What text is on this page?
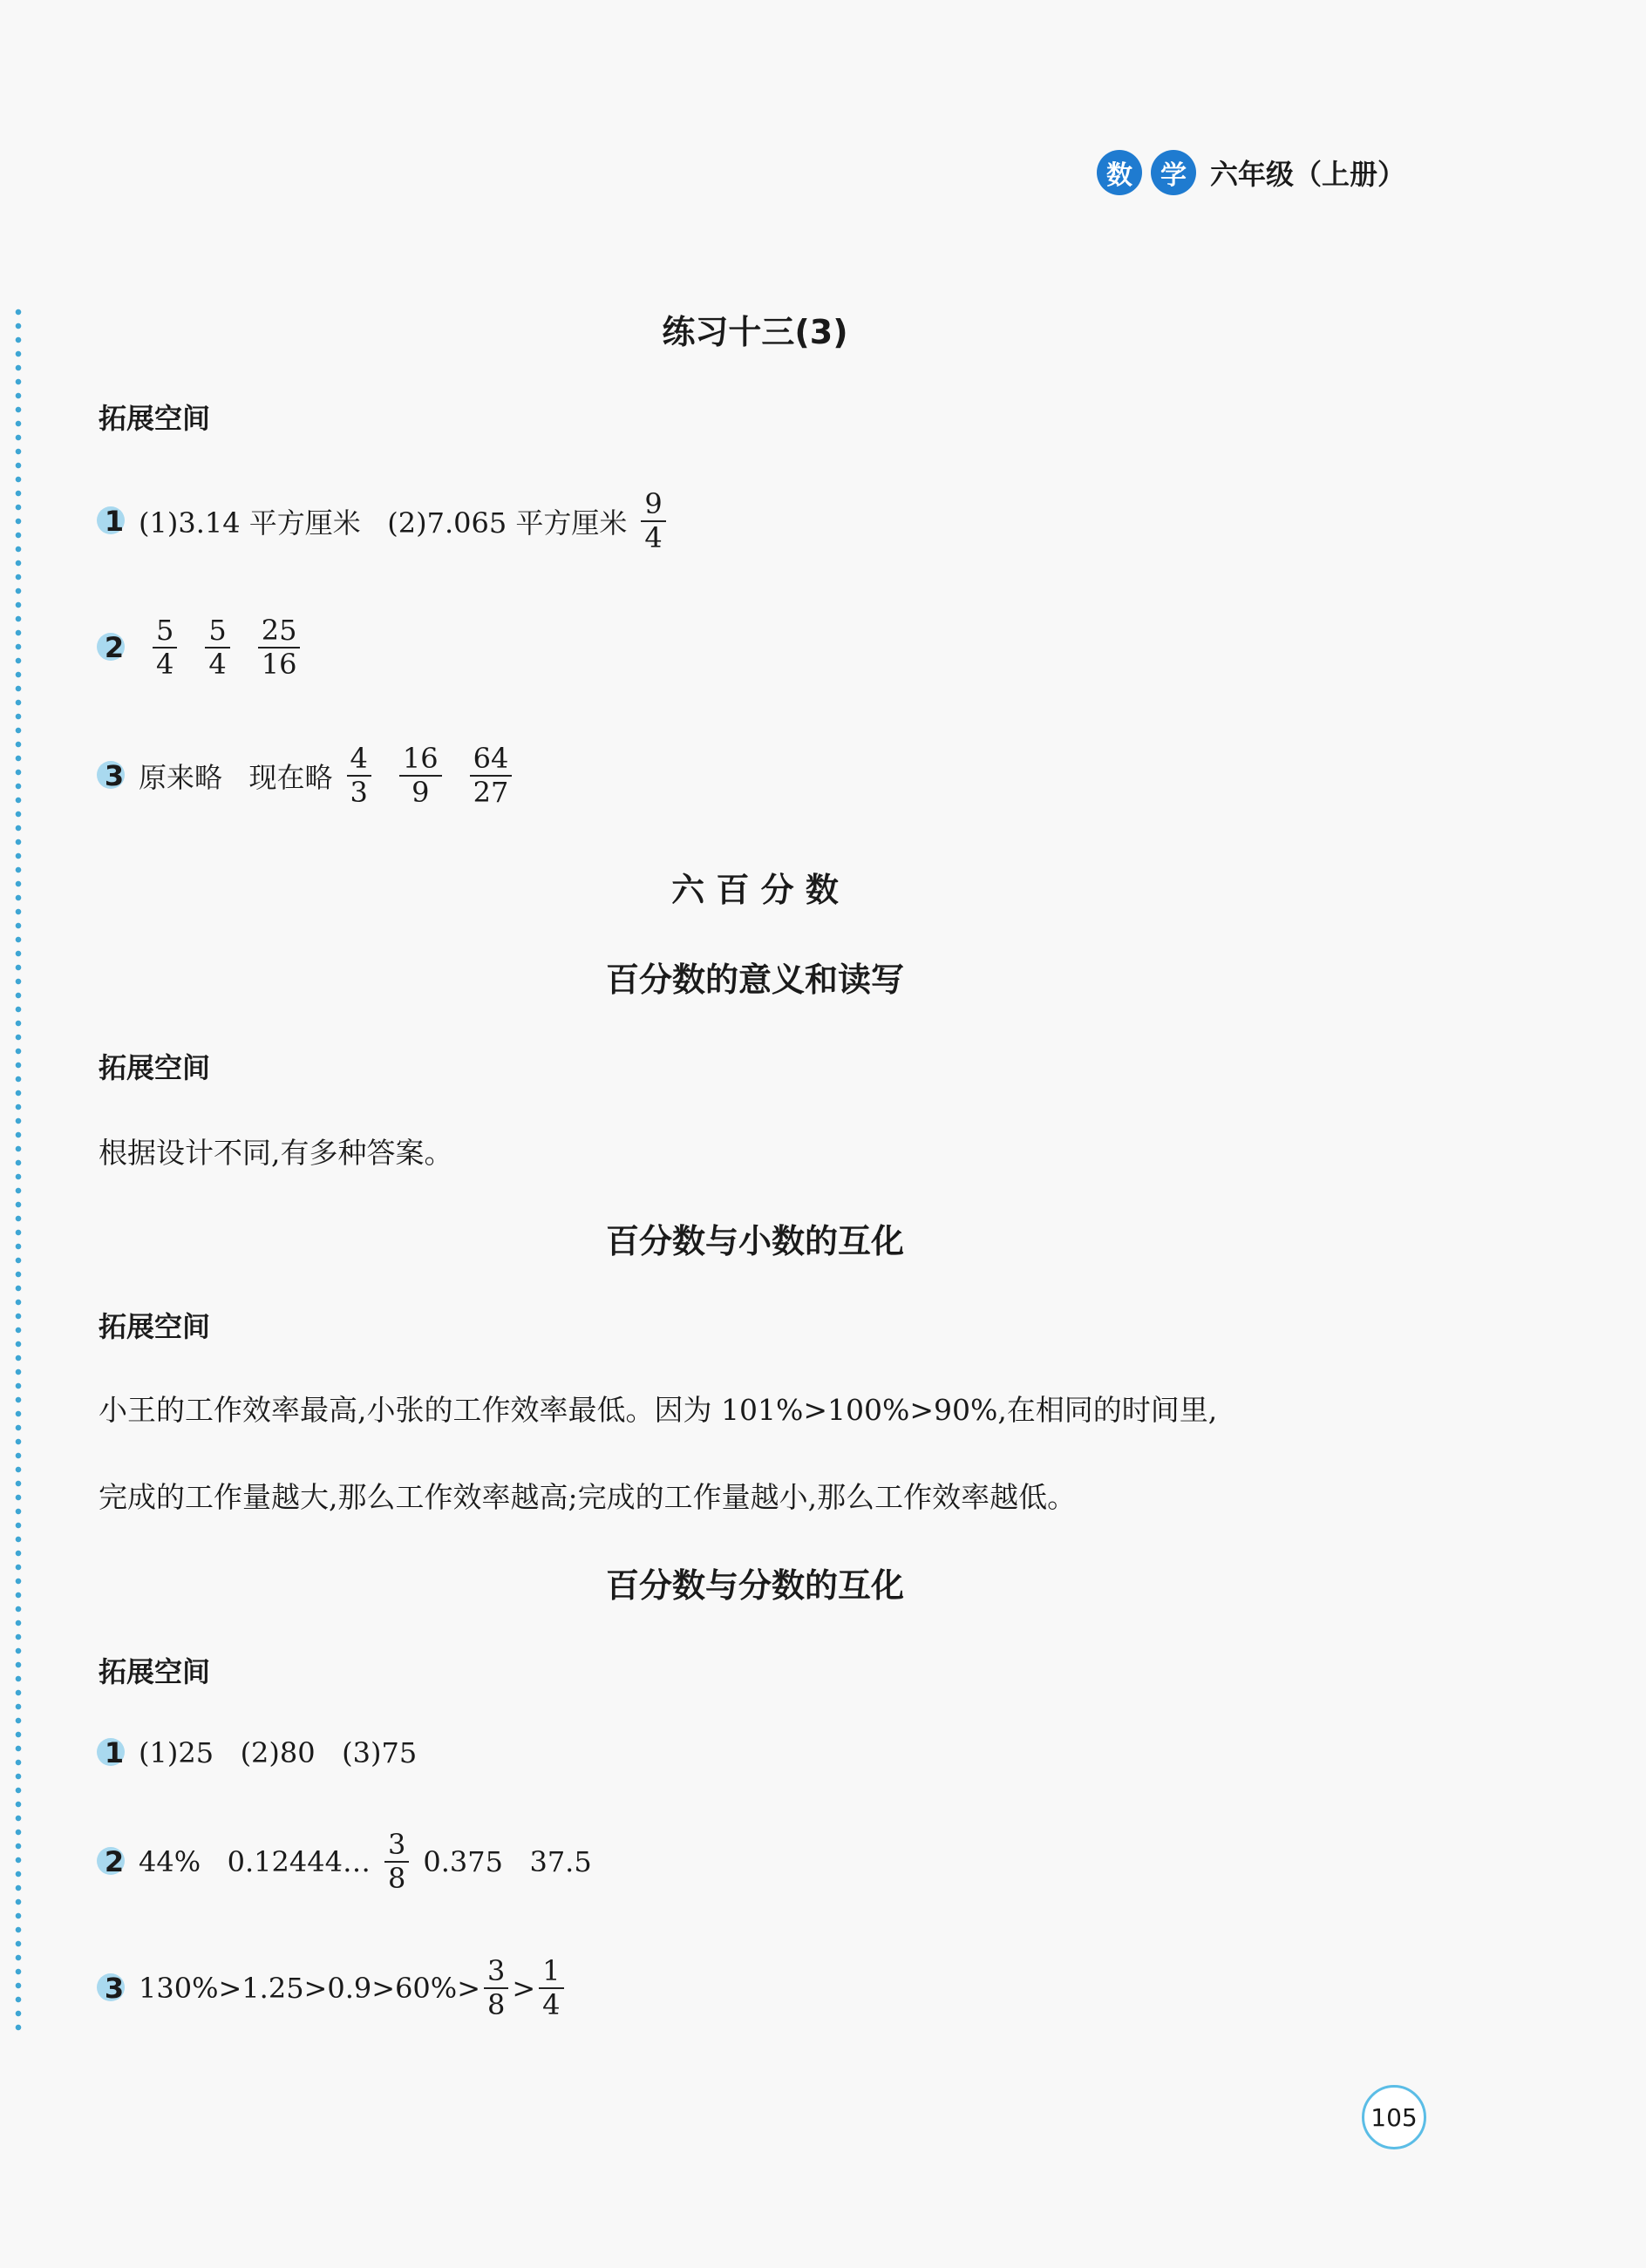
数	学 六年级（上册）
练习十三(3)
拓展空间
1 (1)3.14 平方厘米   (2)7.065 平方厘米 $\frac{9}{4}$
$2 \frac{5}{4} \frac{5}{4} \frac{25}{16}$
3 原来略   现在略 $\frac{4}{3} \frac{16}{9} \frac{64}{27}$
六 百 分 数
百分数的意义和读写
拓展空间
根据设计不同,有多种答案。
百分数与小数的互化
拓展空间
小王的工作效率最高,小张的工作效率最低。因为 101%>100%>90%,在相同的时间里,
完成的工作量越大,那么工作效率越高;完成的工作量越小,那么工作效率越低。
百分数与分数的互化
拓展空间
1 (1)25   (2)80   (3)75
2 44%   0.12444… $\frac{3}{8} 0.375$   37.5
3 $130\%>1.25>0.9>60\%> \frac{3}{8} > \frac{1}{4}$
105
